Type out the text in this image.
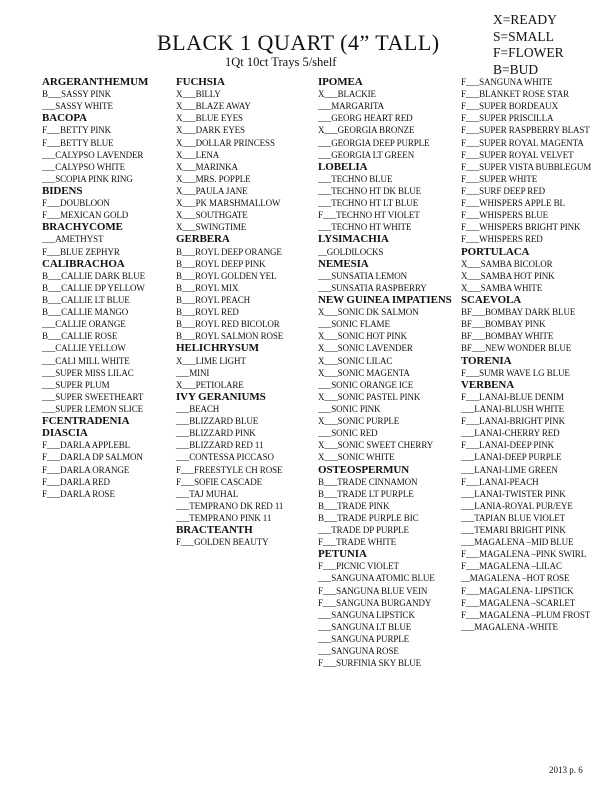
BLACK 1 QUART (4” TALL)
1Qt 10ct Trays 5/shelf
X=READY
S=SMALL
F=FLOWER
B=BUD
ARGERANTHEMUM
B___SASSY PINK
___SASSY WHITE
BACOPA
F___BETTY PINK
F___BETTY BLUE
___CALYPSO LAVENDER
___CALYPSO WHITE
___SCOPIA PINK RING
BIDENS
F___DOUBLOON
F___MEXICAN GOLD
BRACHYCOME
___AMETHYST
F___BLUE ZEPHYR
CALIBRACHOA
B___CALLIE DARK BLUE
B___CALLIE DP YELLOW
B___CALLIE LT BLUE
B___CALLIE MANGO
___CALLIE ORANGE
B___CALLIE ROSE
___CALLIE YELLOW
___CALI MILL WHITE
___SUPER MISS LILAC
___SUPER PLUM
___SUPER SWEETHEART
___SUPER LEMON SLICE
FCENTRADENIA
DIASCIA
F___DARLA APPLEBL
F___DARLA DP SALMON
F___DARLA ORANGE
F___DARLA RED
F___DARLA ROSE
FUCHSIA
X___BILLY
X___BLAZE AWAY
X___BLUE EYES
X___DARK EYES
X___DOLLAR PRINCESS
X___LENA
X___MARINKA
X___MRS. POPPLE
X___PAULA JANE
X___PK MARSHMALLOW
X___SOUTHGATE
X___SWINGTIME
GERBERA
B___ROYL DEEP ORANGE
B___ROYL DEEP PINK
B___ROYL GOLDEN YEL
B___ROYL MIX
B___ROYL PEACH
B___ROYL RED
B___ROYL RED BICOLOR
B___ROYL SALMON ROSE
HELICHRYSUM
X___LIME LIGHT
___MINI
X___PETIOLARE
IVY GERANIUMS
___BEACH
___BLIZZARD BLUE
___BLIZZARD PINK
___BLIZZARD RED 11
___CONTESSA PICCASO
F___FREESTYLE CH ROSE
F___SOFIE CASCADE
___TAJ MUHAL
___TEMPRANO DK RED 11
___TEMPRANO PINK 11
BRACTEANTH
F___GOLDEN BEAUTY
IPOMEA
X___BLACKIE
___MARGARITA
___GEORG HEART RED
X___GEORGIA BRONZE
___GEORGIA DEEP PURPLE
___GEORGIA LT GREEN
LOBELIA
___TECHNO BLUE
___TECHNO HT DK BLUE
___TECHNO HT LT BLUE
F___TECHNO HT VIOLET
___TECHNO HT WHITE
LYSIMACHIA
__GOLDILOCKS
NEMESIA
___SUNSATIA LEMON
___SUNSATIA RASPBERRY
NEW GUINEA IMPATIENS
X___SONIC DK SALMON
___SONIC FLAME
X___SONIC HOT PINK
X___SONIC LAVENDER
X___SONIC LILAC
X___SONIC MAGENTA
___SONIC ORANGE ICE
X___SONIC PASTEL PINK
___SONIC PINK
X___SONIC PURPLE
___SONIC RED
X___SONIC SWEET CHERRY
X___SONIC WHITE
OSTEOSPERMUN
B___TRADE CINNAMON
B___TRADE LT PURPLE
B___TRADE PINK
B___TRADE PURPLE BIC
___TRADE DP PURPLE
F___TRADE WHITE
PETUNIA
F___PICNIC VIOLET
___SANGUNA ATOMIC BLUE
F___SANGUNA BLUE VEIN
F___SANGUNA BURGANDY
___SANGUNA LIPSTICK
___SANGUNA LT BLUE
___SANGUNA PURPLE
___SANGUNA ROSE
F___SURFINIA SKY BLUE
F___SANGUNA WHITE
F___BLANKET ROSE STAR
F___SUPER BORDEAUX
F___SUPER PRISCILLA
F___SUPER RASPBERRY BLAST
F___SUPER ROYAL MAGENTA
F___SUPER ROYAL VELVET
F___SUPER VISTA BUBBLEGUM
F___SUPER WHITE
F___SURF DEEP RED
F___WHISPERS APPLE BL
F___WHISPERS BLUE
F___WHISPERS BRIGHT PINK
F___WHISPERS RED
PORTULACA
X___SAMBA BICOLOR
X___SAMBA HOT PINK
X___SAMBA WHITE
SCAEVOLA
BF___BOMBAY DARK BLUE
BF___BOMBAY PINK
BF___BOMBAY WHITE
BF___NEW WONDER BLUE
TORENIA
F___SUMR WAVE LG BLUE
VERBENA
F___LANAI-BLUE DENIM
___LANAI-BLUSH WHITE
F___LANAI-BRIGHT PINK
___LANAI-CHERRY RED
F___LANAI-DEEP PINK
___LANAI-DEEP PURPLE
___LANAI-LIME GREEN
F___LANAI-PEACH
___LANAI-TWISTER PINK
___LANIA-ROYAL PUR/EYE
___TAPIAN BLUE VIOLET
___TEMARI BRIGHT PINK
___MAGALENA –MID BLUE
F___MAGALENA –PINK SWIRL
F___MAGALENA –LILAC
__MAGALENA –HOT ROSE
F___MAGALENA- LIPSTICK
F___MAGALENA –SCARLET
F___MAGALENA –PLUM FROST
___MAGALENA -WHITE
2013 p. 6
